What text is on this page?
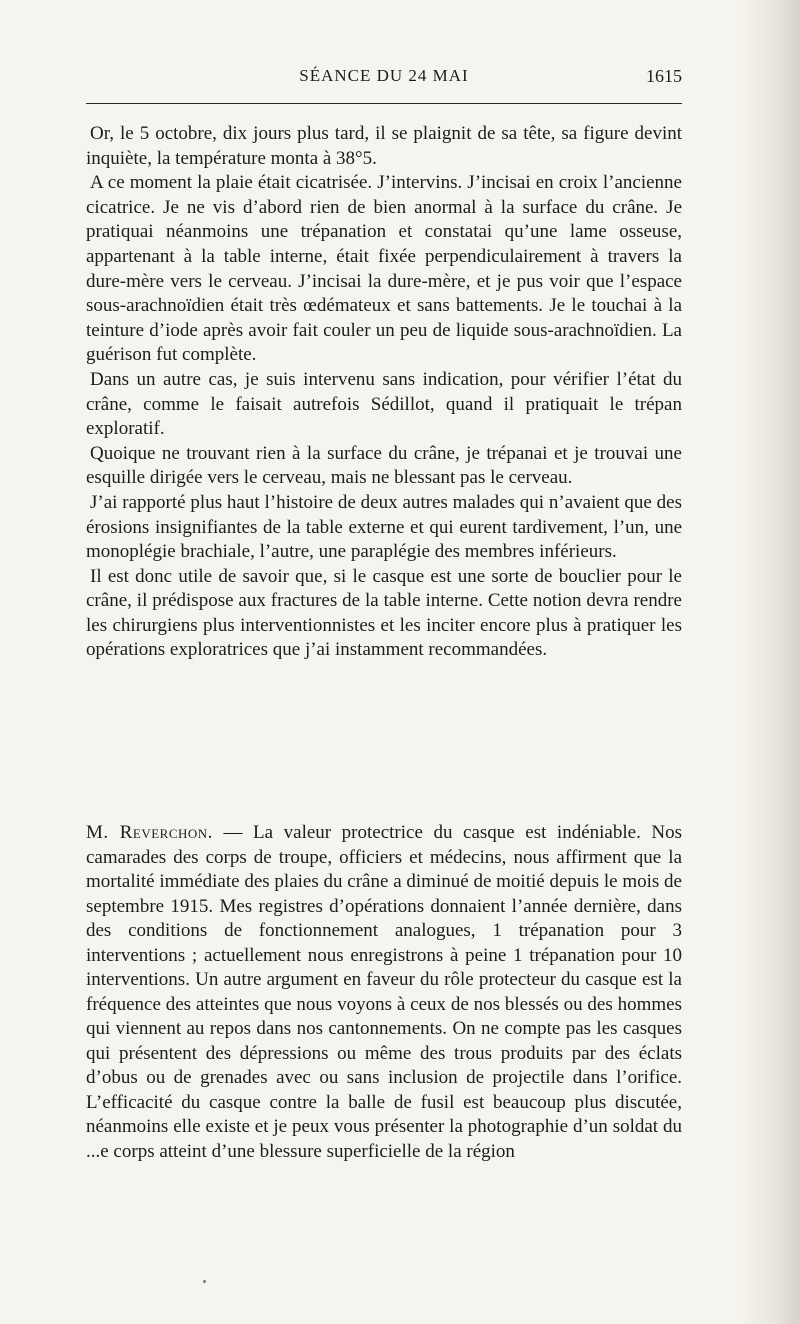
SÉANCE DU 24 MAI	1615

Or, le 5 octobre, dix jours plus tard, il se plaignit de sa tête, sa figure devint inquiète, la température monta à 38°5.

A ce moment la plaie était cicatrisée. J’intervins. J’incisai en croix l’ancienne cicatrice. Je ne vis d’abord rien de bien anormal à la surface du crâne. Je pratiquai néanmoins une trépanation et constatai qu’une lame osseuse, appartenant à la table interne, était fixée perpendiculairement à travers la dure-mère vers le cerveau. J’incisai la dure-mère, et je pus voir que l’espace sous-arachnoïdien était très œdémateux et sans battements. Je le touchai à la teinture d’iode après avoir fait couler un peu de liquide sous-arachnoïdien. La guérison fut complète.

Dans un autre cas, je suis intervenu sans indication, pour vérifier l’état du crâne, comme le faisait autrefois Sédillot, quand il pratiquait le trépan exploratif.

Quoique ne trouvant rien à la surface du crâne, je trépanai et je trouvai une esquille dirigée vers le cerveau, mais ne blessant pas le cerveau.

J’ai rapporté plus haut l’histoire de deux autres malades qui n’avaient que des érosions insignifiantes de la table externe et qui eurent tardivement, l’un, une monoplégie brachiale, l’autre, une paraplégie des membres inférieurs.

Il est donc utile de savoir que, si le casque est une sorte de bouclier pour le crâne, il prédispose aux fractures de la table interne. Cette notion devra rendre les chirurgiens plus interventionnistes et les inciter encore plus à pratiquer les opérations exploratrices que j’ai instamment recommandées.

M. Reverchon. — La valeur protectrice du casque est indéniable. Nos camarades des corps de troupe, officiers et médecins, nous affirment que la mortalité immédiate des plaies du crâne a diminué de moitié depuis le mois de septembre 1915. Mes registres d’opérations donnaient l’année dernière, dans des conditions de fonctionnement analogues, 1 trépanation pour 3 interventions ; actuellement nous enregistrons à peine 1 trépanation pour 10 interventions. Un autre argument en faveur du rôle protecteur du casque est la fréquence des atteintes que nous voyons à ceux de nos blessés ou des hommes qui viennent au repos dans nos cantonnements. On ne compte pas les casques qui présentent des dépressions ou même des trous produits par des éclats d’obus ou de grenades avec ou sans inclusion de projectile dans l’orifice. L’efficacité du casque contre la balle de fusil est beaucoup plus discutée, néanmoins elle existe et je peux vous présenter la photographie d’un soldat du ...e corps atteint d’une blessure superficielle de la région
